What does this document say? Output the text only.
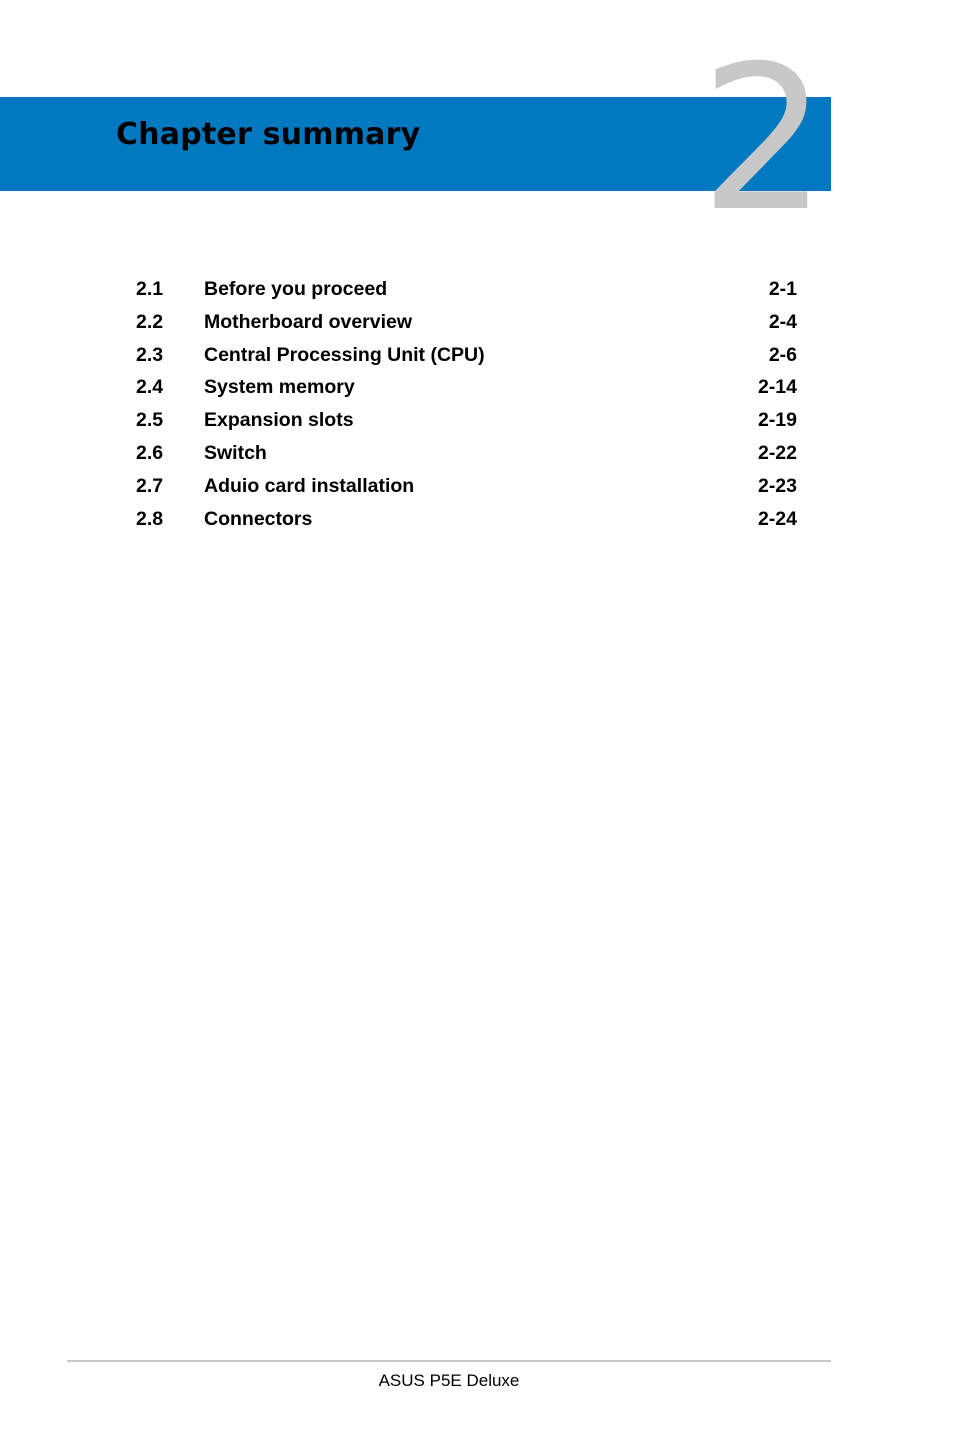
Chapter summary 2
2.1	Before you proceed	2-1
2.2	Motherboard overview	2-4
2.3	Central Processing Unit (CPU)	2-6
2.4	System memory	2-14
2.5	Expansion slots	2-19
2.6	Switch	2-22
2.7	Aduio card installation	2-23
2.8	Connectors	2-24
ASUS P5E Deluxe
